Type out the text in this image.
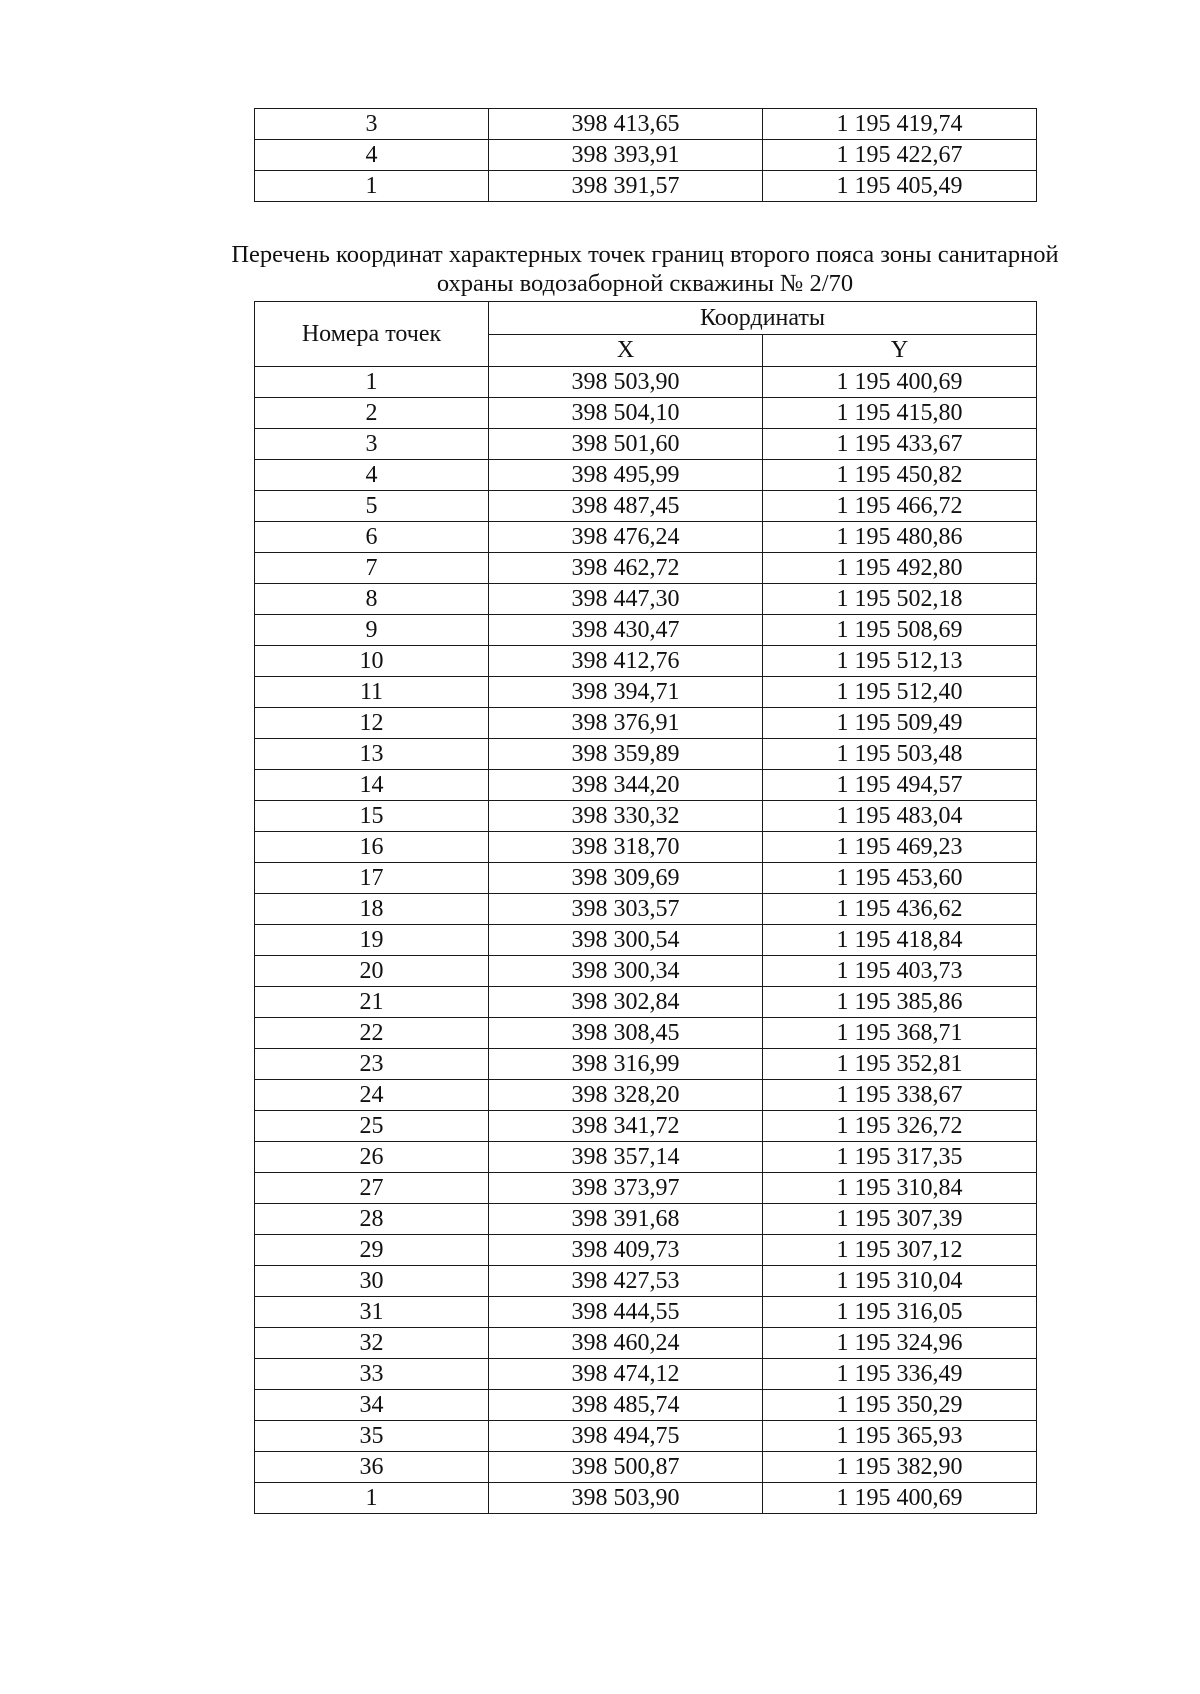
3	398 413,65	1 195 419,74
4	398 393,91	1 195 422,67
1	398 391,57	1 195 405,49
Перечень координат характерных точек границ второго пояса зоны санитарной
охраны водозаборной скважины № 2/70
Номера точек	Координаты	
	X	Y
1	398 503,90	1 195 400,69
2	398 504,10	1 195 415,80
3	398 501,60	1 195 433,67
4	398 495,99	1 195 450,82
5	398 487,45	1 195 466,72
6	398 476,24	1 195 480,86
7	398 462,72	1 195 492,80
8	398 447,30	1 195 502,18
9	398 430,47	1 195 508,69
10	398 412,76	1 195 512,13
11	398 394,71	1 195 512,40
12	398 376,91	1 195 509,49
13	398 359,89	1 195 503,48
14	398 344,20	1 195 494,57
15	398 330,32	1 195 483,04
16	398 318,70	1 195 469,23
17	398 309,69	1 195 453,60
18	398 303,57	1 195 436,62
19	398 300,54	1 195 418,84
20	398 300,34	1 195 403,73
21	398 302,84	1 195 385,86
22	398 308,45	1 195 368,71
23	398 316,99	1 195 352,81
24	398 328,20	1 195 338,67
25	398 341,72	1 195 326,72
26	398 357,14	1 195 317,35
27	398 373,97	1 195 310,84
28	398 391,68	1 195 307,39
29	398 409,73	1 195 307,12
30	398 427,53	1 195 310,04
31	398 444,55	1 195 316,05
32	398 460,24	1 195 324,96
33	398 474,12	1 195 336,49
34	398 485,74	1 195 350,29
35	398 494,75	1 195 365,93
36	398 500,87	1 195 382,90
1	398 503,90	1 195 400,69
